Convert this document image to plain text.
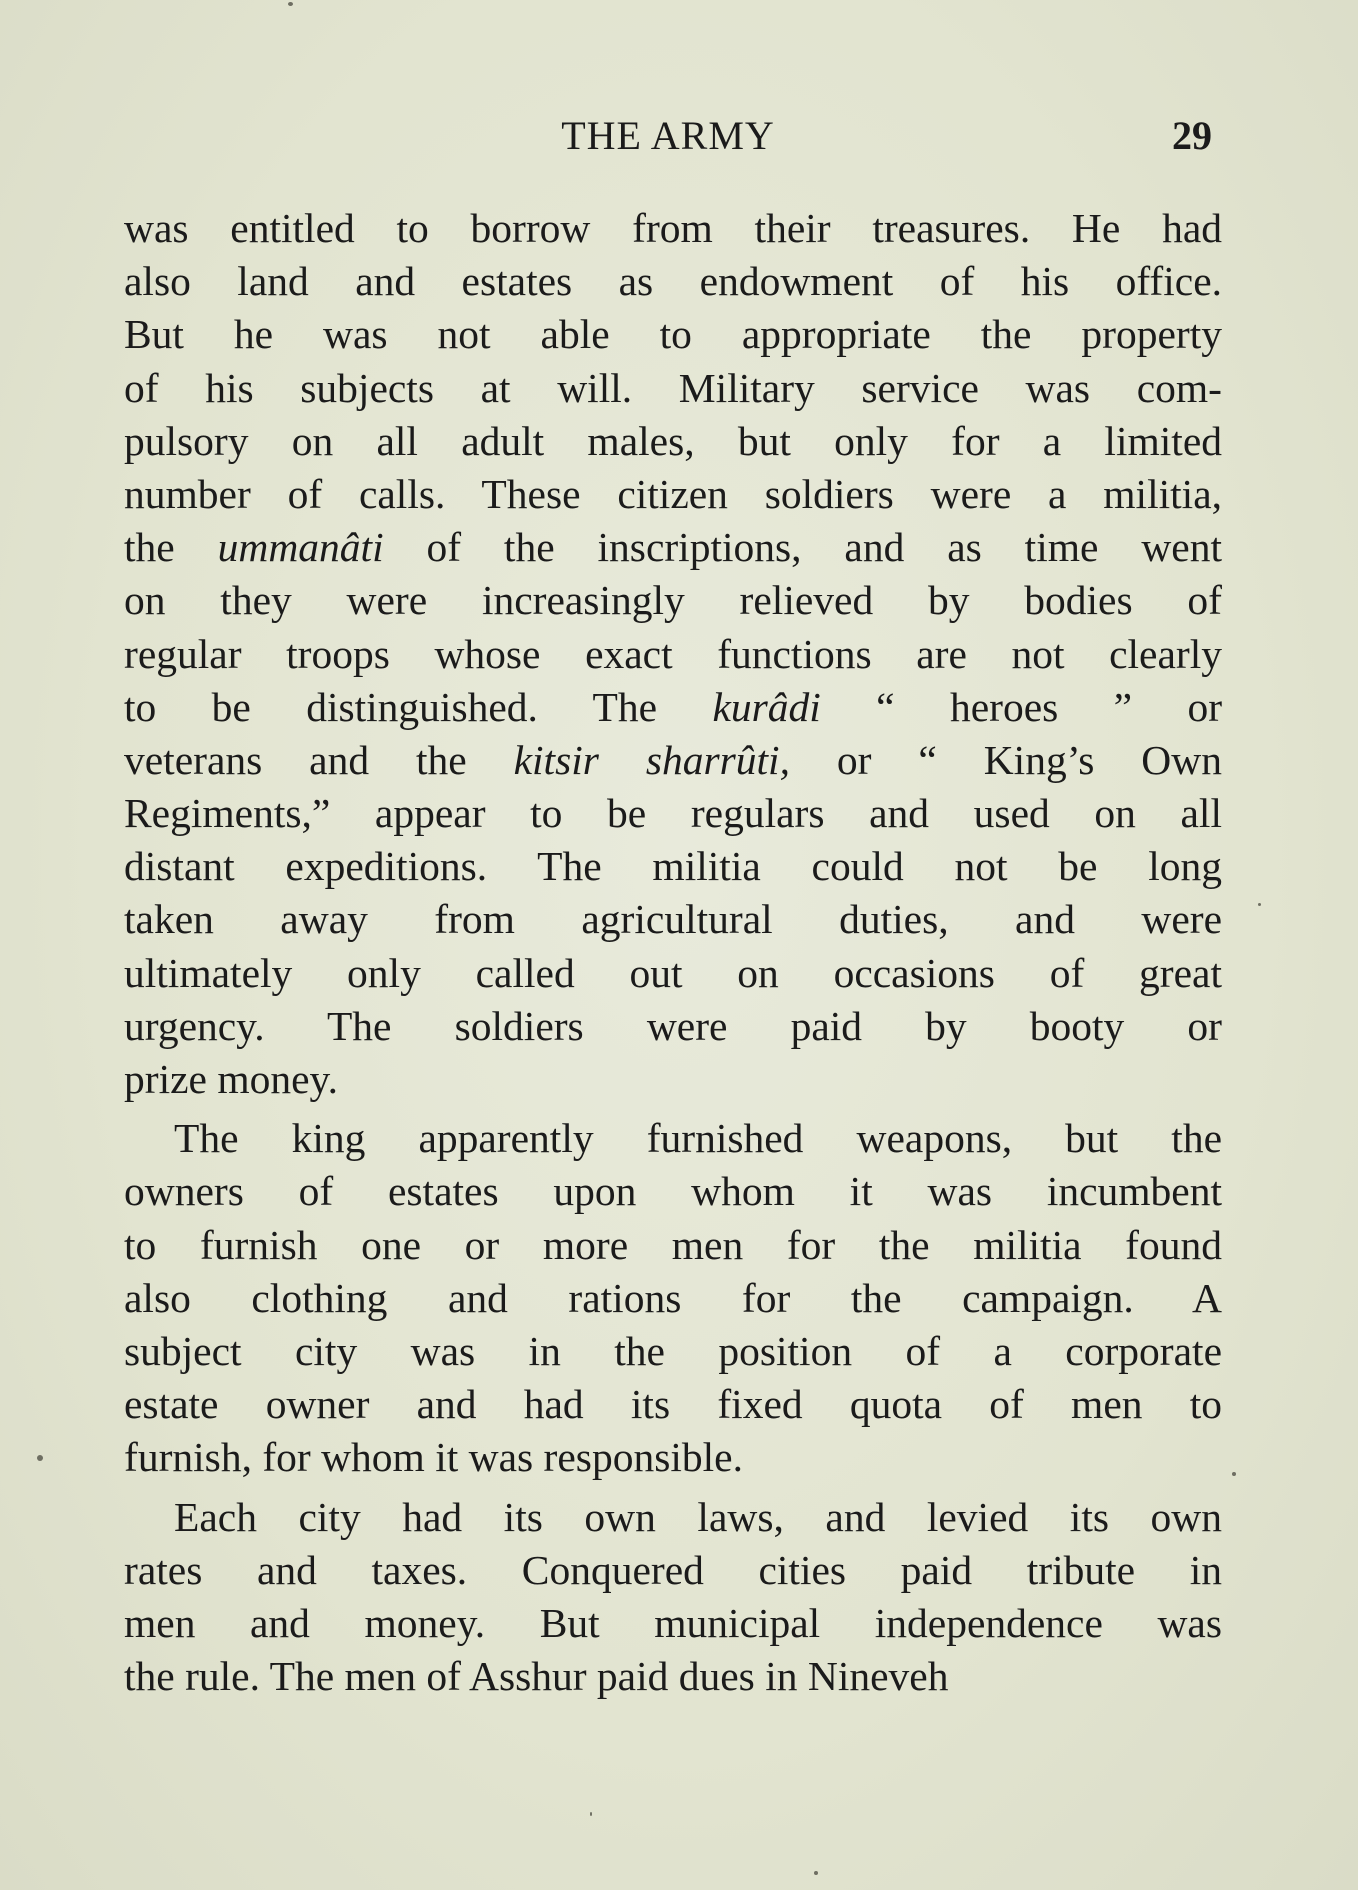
THE ARMY	29
was entitled to borrow from their treasures. He had
also land and estates as endowment of his office.
But he was not able to appropriate the property
of his subjects at will. Military service was com-
pulsory on all adult males, but only for a limited
number of calls. These citizen soldiers were a militia,
the ummanâti of the inscriptions, and as time went
on they were increasingly relieved by bodies of
regular troops whose exact functions are not clearly
to be distinguished. The kurâdi “ heroes ” or
veterans and the kitsir sharrûti, or “ King’s Own
Regiments,” appear to be regulars and used on all
distant expeditions. The militia could not be long
taken away from agricultural duties, and were
ultimately only called out on occasions of great
urgency. The soldiers were paid by booty or
prize money.
The king apparently furnished weapons, but the
owners of estates upon whom it was incumbent
to furnish one or more men for the militia found
also clothing and rations for the campaign. A
subject city was in the position of a corporate
estate owner and had its fixed quota of men to
furnish, for whom it was responsible.
Each city had its own laws, and levied its own
rates and taxes. Conquered cities paid tribute in
men and money. But municipal independence was
the rule. The men of Asshur paid dues in Nineveh
